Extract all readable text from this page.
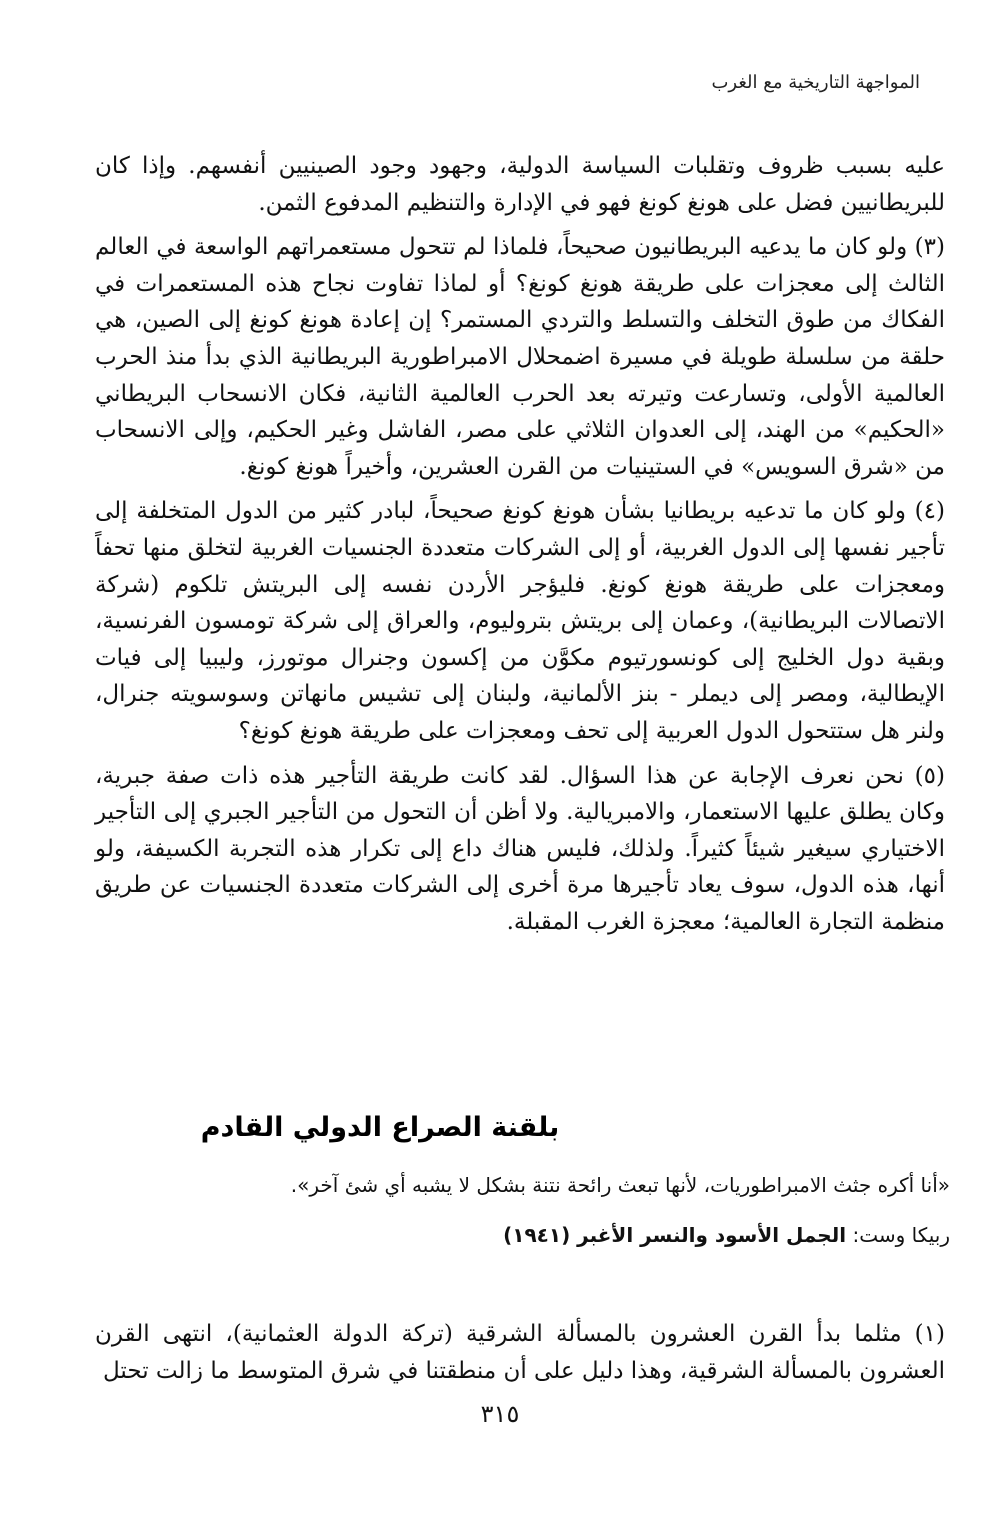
المواجهة التاريخية مع الغرب

عليه بسبب ظروف وتقلبات السياسة الدولية، وجهود وجود الصينيين أنفسهم. وإذا كان للبريطانيين فضل على هونغ كونغ فهو في الإدارة والتنظيم المدفوع الثمن.

(٣) ولو كان ما يدعيه البريطانيون صحيحاً، فلماذا لم تتحول مستعمراتهم الواسعة في العالم الثالث إلى معجزات على طريقة هونغ كونغ؟ أو لماذا تفاوت نجاح هذه المستعمرات في الفكاك من طوق التخلف والتسلط والتردي المستمر؟ إن إعادة هونغ كونغ إلى الصين، هي حلقة من سلسلة طويلة في مسيرة اضمحلال الامبراطورية البريطانية الذي بدأ منذ الحرب العالمية الأولى، وتسارعت وتيرته بعد الحرب العالمية الثانية، فكان الانسحاب البريطاني «الحكيم» من الهند، إلى العدوان الثلاثي على مصر، الفاشل وغير الحكيم، وإلى الانسحاب من «شرق السويس» في الستينيات من القرن العشرين، وأخيراً هونغ كونغ.

(٤) ولو كان ما تدعيه بريطانيا بشأن هونغ كونغ صحيحاً، لبادر كثير من الدول المتخلفة إلى تأجير نفسها إلى الدول الغربية، أو إلى الشركات متعددة الجنسيات الغربية لتخلق منها تحفاً ومعجزات على طريقة هونغ كونغ. فليؤجر الأردن نفسه إلى البريتش تلكوم (شركة الاتصالات البريطانية)، وعمان إلى بريتش بتروليوم، والعراق إلى شركة تومسون الفرنسية، وبقية دول الخليج إلى كونسورتيوم مكوَّن من إكسون وجنرال موتورز، وليبيا إلى فيات الإيطالية، ومصر إلى ديملر - بنز الألمانية، ولبنان إلى تشيس مانهاتن وسوسويته جنرال، ولنر هل ستتحول الدول العربية إلى تحف ومعجزات على طريقة هونغ كونغ؟

(٥) نحن نعرف الإجابة عن هذا السؤال. لقد كانت طريقة التأجير هذه ذات صفة جبرية، وكان يطلق عليها الاستعمار، والامبريالية. ولا أظن أن التحول من التأجير الجبري إلى التأجير الاختياري سيغير شيئاً كثيراً. ولذلك، فليس هناك داع إلى تكرار هذه التجربة الكسيفة، ولو أنها، هذه الدول، سوف يعاد تأجيرها مرة أخرى إلى الشركات متعددة الجنسيات عن طريق منظمة التجارة العالمية؛ معجزة الغرب المقبلة.

بلقنة الصراع الدولي القادم

«أنا أكره جثث الامبراطوريات، لأنها تبعث رائحة نتنة بشكل لا يشبه أي شئ آخر».

ربيكا وست: الجمل الأسود والنسر الأغبر (١٩٤١)

(١) مثلما بدأ القرن العشرون بالمسألة الشرقية (تركة الدولة العثمانية)، انتهى القرن العشرون بالمسألة الشرقية، وهذا دليل على أن منطقتنا في شرق المتوسط ما زالت تحتل

٣١٥
